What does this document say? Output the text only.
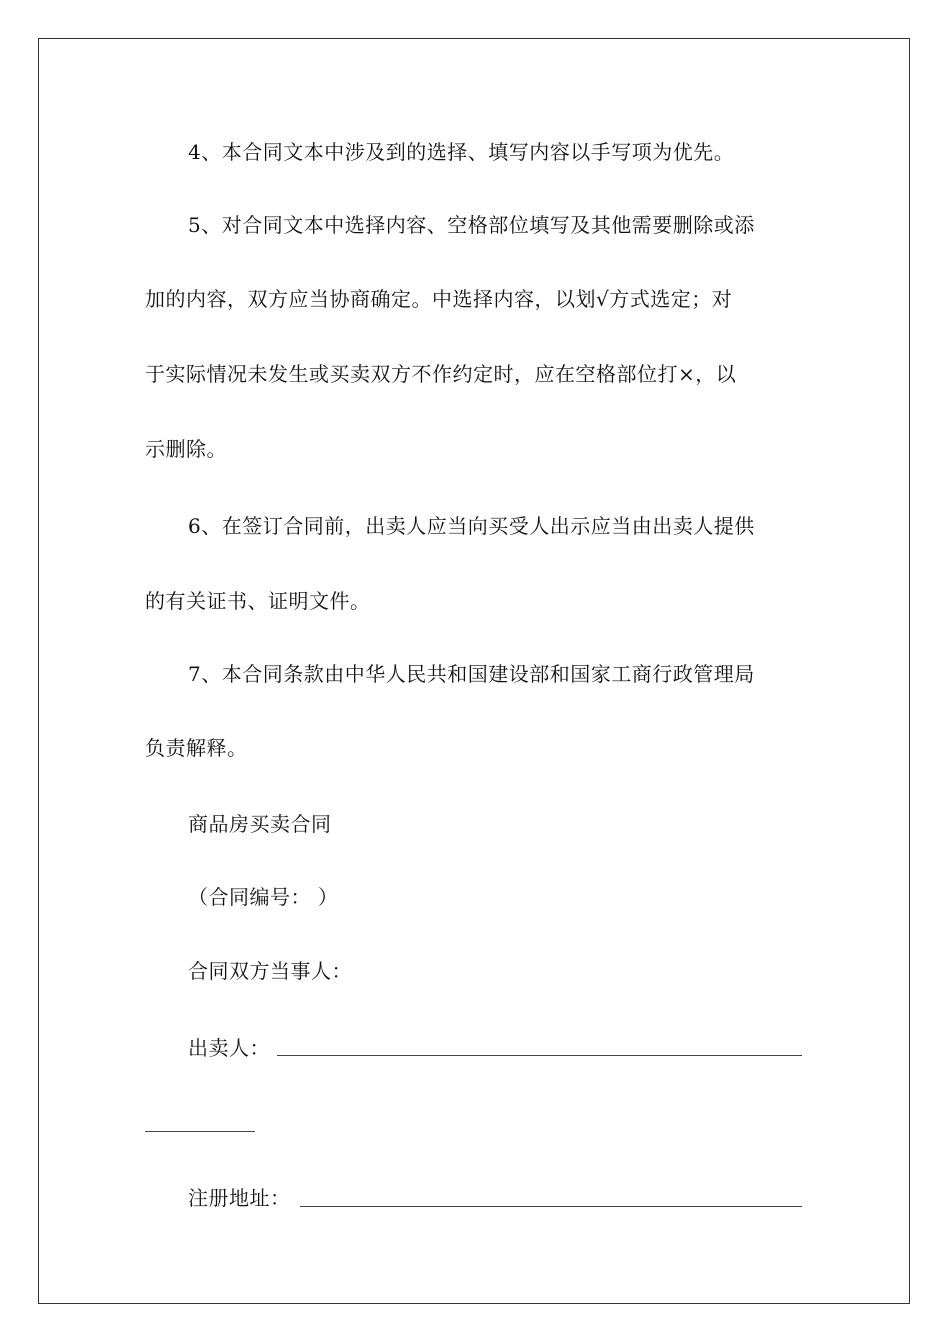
4、本合同文本中涉及到的选择、填写内容以手写项为优先。
5、对合同文本中选择内容、空格部位填写及其他需要删除或添
加的内容，双方应当协商确定。中选择内容，以划√方式选定；对
于实际情况未发生或买卖双方不作约定时，应在空格部位打×，以
示删除。
6、在签订合同前，出卖人应当向买受人出示应当由出卖人提供
的有关证书、证明文件。
7、本合同条款由中华人民共和国建设部和国家工商行政管理局
负责解释。
商品房买卖合同
（合同编号： ）
合同双方当事人：
出卖人：
注册地址：
